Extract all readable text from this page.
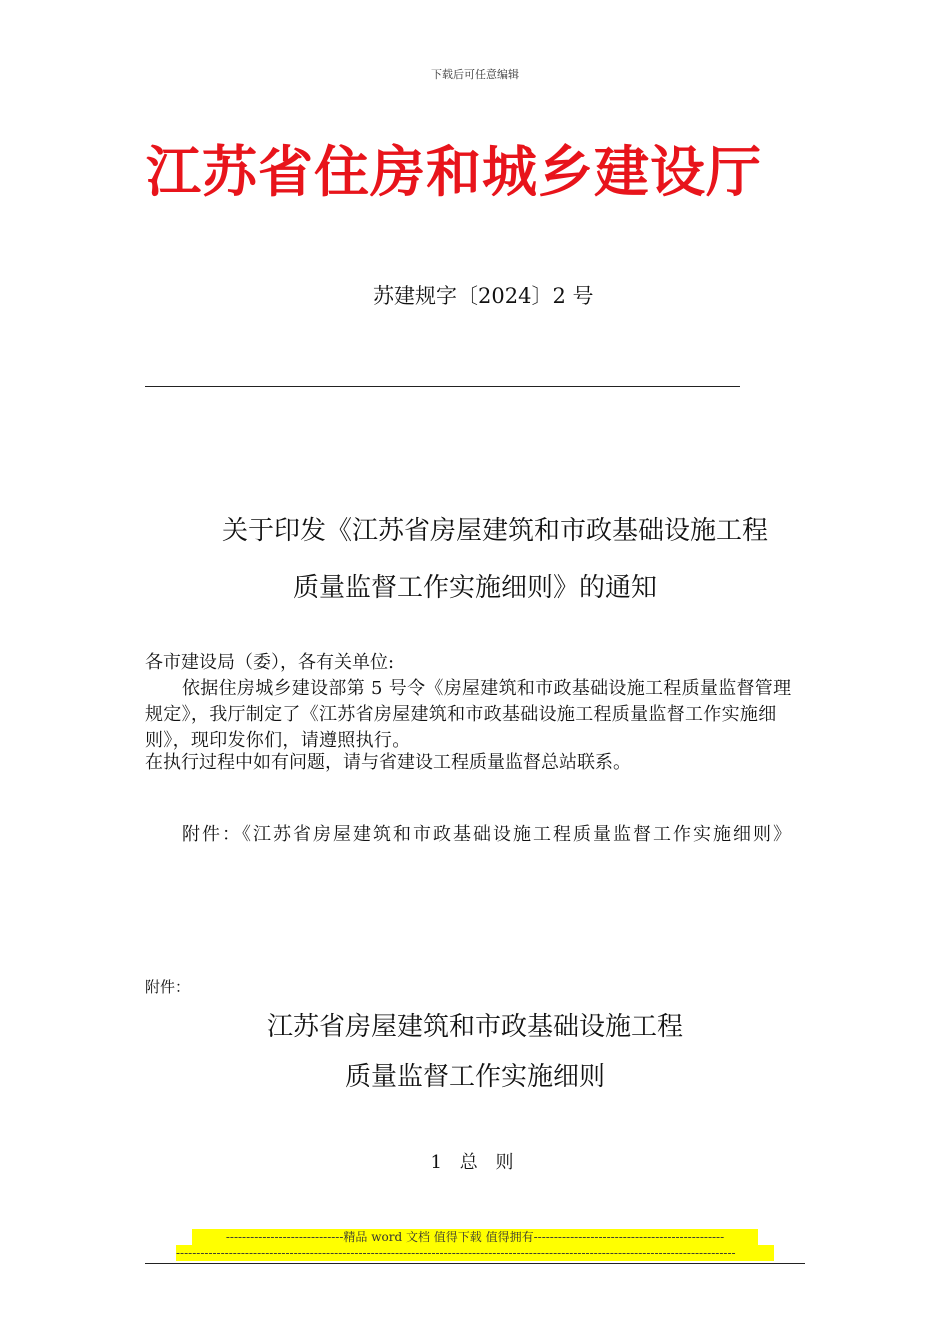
下载后可任意编辑
江苏省住房和城乡建设厅
苏建规字〔2024〕2 号
关于印发《江苏省房屋建筑和市政基础设施工程
质量监督工作实施细则》的通知
各市建设局（委），各有关单位:
依据住房城乡建设部第 5 号令《房屋建筑和市政基础设施工程质量监督管理规定》，我厅制定了《江苏省房屋建筑和市政基础设施工程质量监督工作实施细则》，现印发你们，请遵照执行。
在执行过程中如有问题，请与省建设工程质量监督总站联系。
附件：《江苏省房屋建筑和市政基础设施工程质量监督工作实施细则》
附件：
江苏省房屋建筑和市政基础设施工程
质量监督工作实施细则
1 总 则
-----------------------------精品 word 文档 值得下载 值得拥有-----------------------------------------------
------------------------------------------------------------------------------------------------------------------------------------------
